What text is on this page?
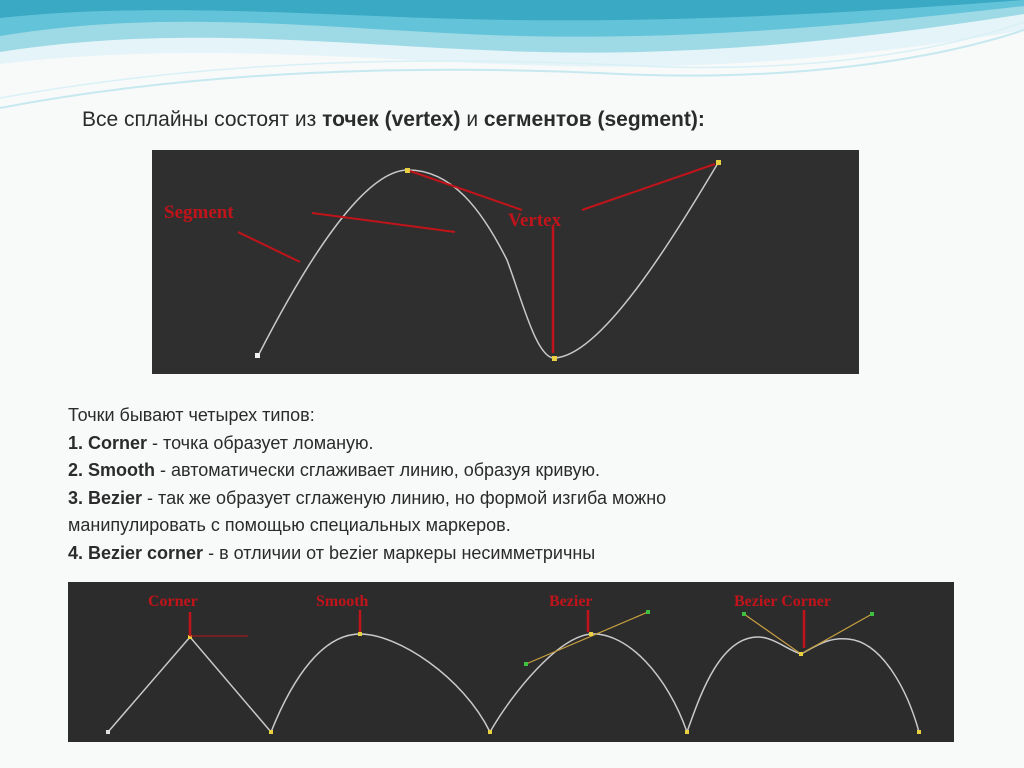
Все сплайны состоят из точек (vertex) и сегментов (segment):

Segment	Vertex
Точки бывают четырех типов:
1. Corner - точка образует ломаную.
2. Smooth - автоматически сглаживает линию, образуя кривую.
3. Bezier - так же образует сглаженую линию, но формой изгиба можно
манипулировать с помощью специальных маркеров.
4. Bezier corner - в отличии от bezier маркеры несимметричны
Corner	Smooth	Bezier	Bezier Corner
